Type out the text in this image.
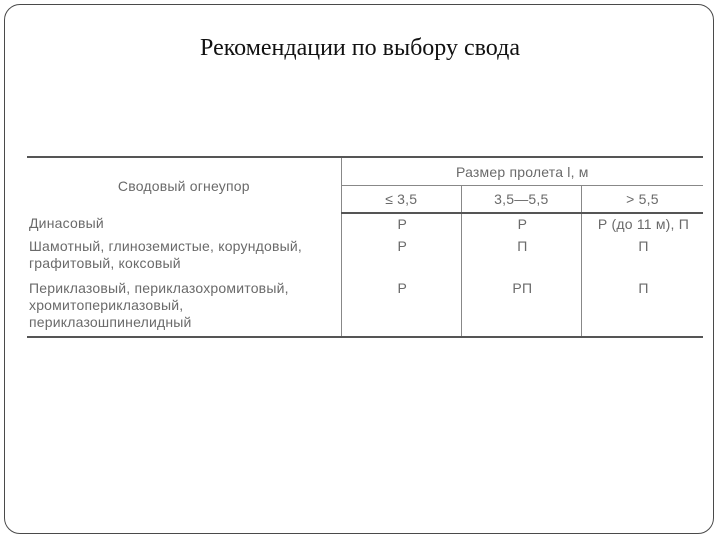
Рекомендации по выбору свода
Сводовый огнеупор	Размер пролета l, м		
	≤ 3,5	3,5—5,5	> 5,5
Динасовый	Р	Р	Р (до 11 м), П
Шамотный, глиноземистые, корундовый, графитовый, коксовый	Р	П	П
Периклазовый, периклазохромитовый, хромитопериклазовый, периклазошпинелидный	Р	РП	П
